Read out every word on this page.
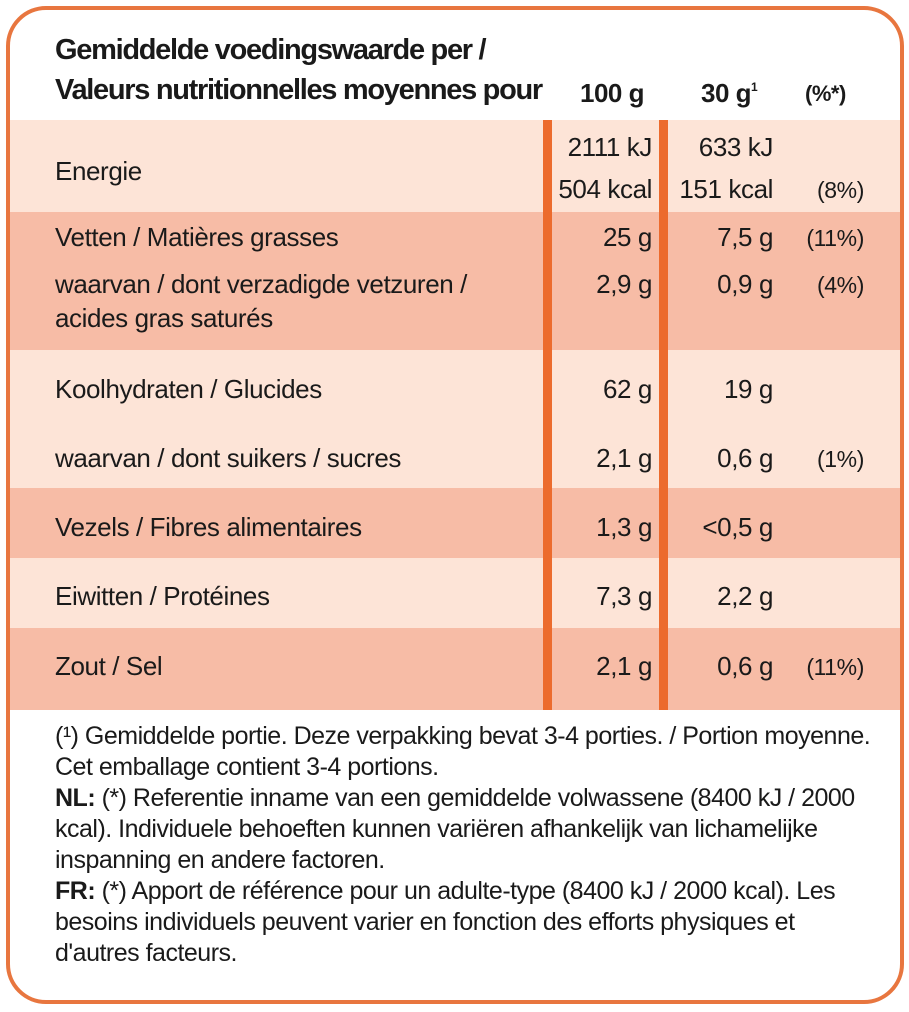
Gemiddelde voedingswaarde per /
Valeurs nutritionnelles moyennes pour 100 g 30 $g^1$ (%*)
Energie
2111 kJ 633 kJ
504 kcal 151 kcal (8%)
Vetten / Matières grasses	25 g	7,5 g (11%)
waarvan / dont verzadigde vetzuren /
acides gras saturés
2,9 g	0,9 g (4%)
Koolhydraten / Glucides	62 g	19 g
waarvan / dont suikers / sucres	2,1 g	0,6 g (1%)
Vezels / Fibres alimentaires	1,3 g <0,5 g
Eiwitten / Protéines	7,3 g	2,2 g
Zout / Sel	2,1 g	0,6 g (11%)

(¹) Gemiddelde portie. Deze verpakking bevat 3-4 porties. / Portion moyenne. Cet emballage contient 3-4 portions.

NL: (*) Referentie inname van een gemiddelde volwassene (8400 kJ / 2000 kcal). Individuele behoeften kunnen variëren afhankelijk van lichamelijke inspanning en andere factoren.

FR: (*) Apport de référence pour un adulte-type (8400 kJ / 2000 kcal). Les besoins individuels peuvent varier en fonction des efforts physiques et d'autres facteurs.
